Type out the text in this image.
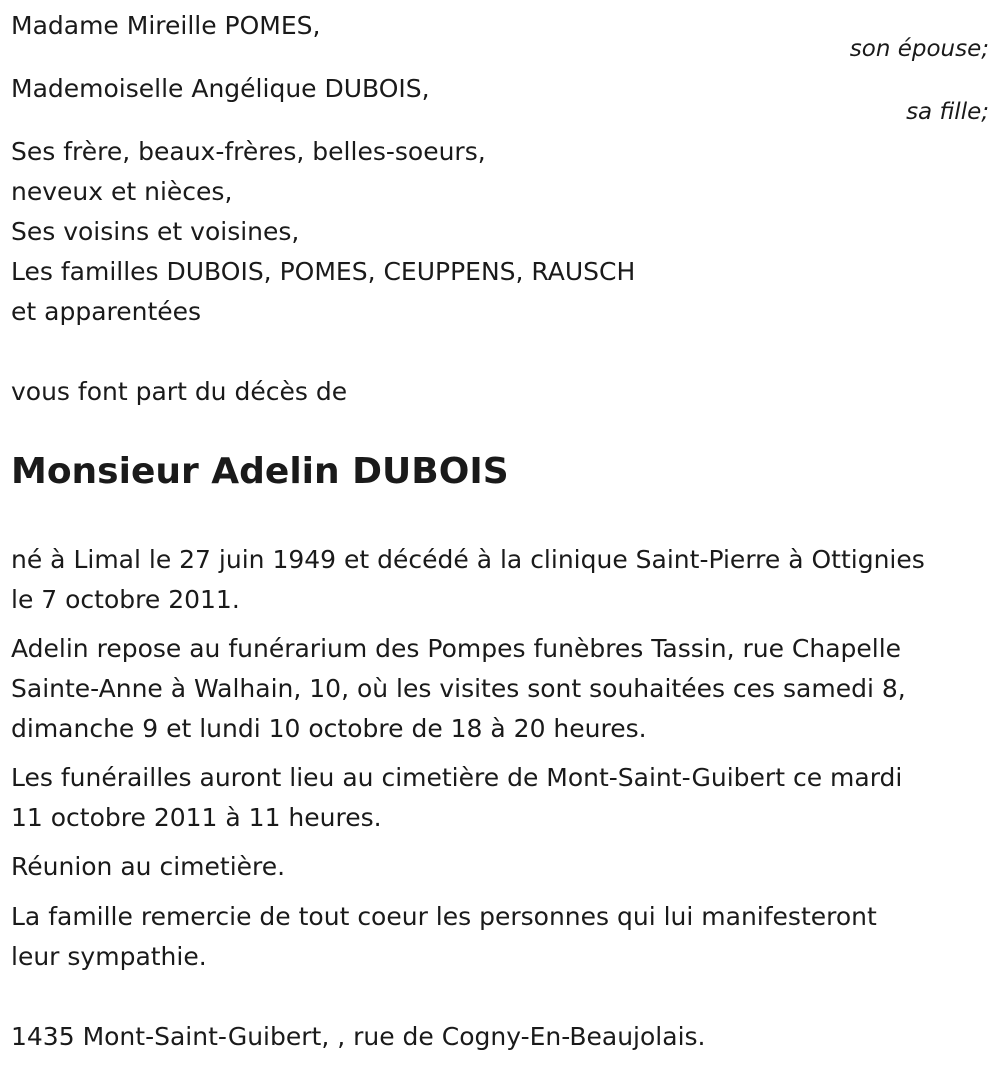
Madame Mireille POMES,
son épouse;
Mademoiselle Angélique DUBOIS,
sa fille;
Ses frère, beaux-frères, belles-soeurs,
neveux et nièces,
Ses voisins et voisines,
Les familles DUBOIS, POMES, CEUPPENS, RAUSCH
et apparentées
vous font part du décès de
Monsieur Adelin DUBOIS
né à Limal le 27 juin 1949 et décédé à la clinique Saint-Pierre à Ottignies
le 7 octobre 2011.
Adelin repose au funérarium des Pompes funèbres Tassin, rue Chapelle
Sainte-Anne à Walhain, 10, où les visites sont souhaitées ces samedi 8,
dimanche 9 et lundi 10 octobre de 18 à 20 heures.
Les funérailles auront lieu au cimetière de Mont-Saint-Guibert ce mardi
11 octobre 2011 à 11 heures.
Réunion au cimetière.
La famille remercie de tout coeur les personnes qui lui manifesteront
leur sympathie.
1435 Mont-Saint-Guibert, , rue de Cogny-En-Beaujolais.
